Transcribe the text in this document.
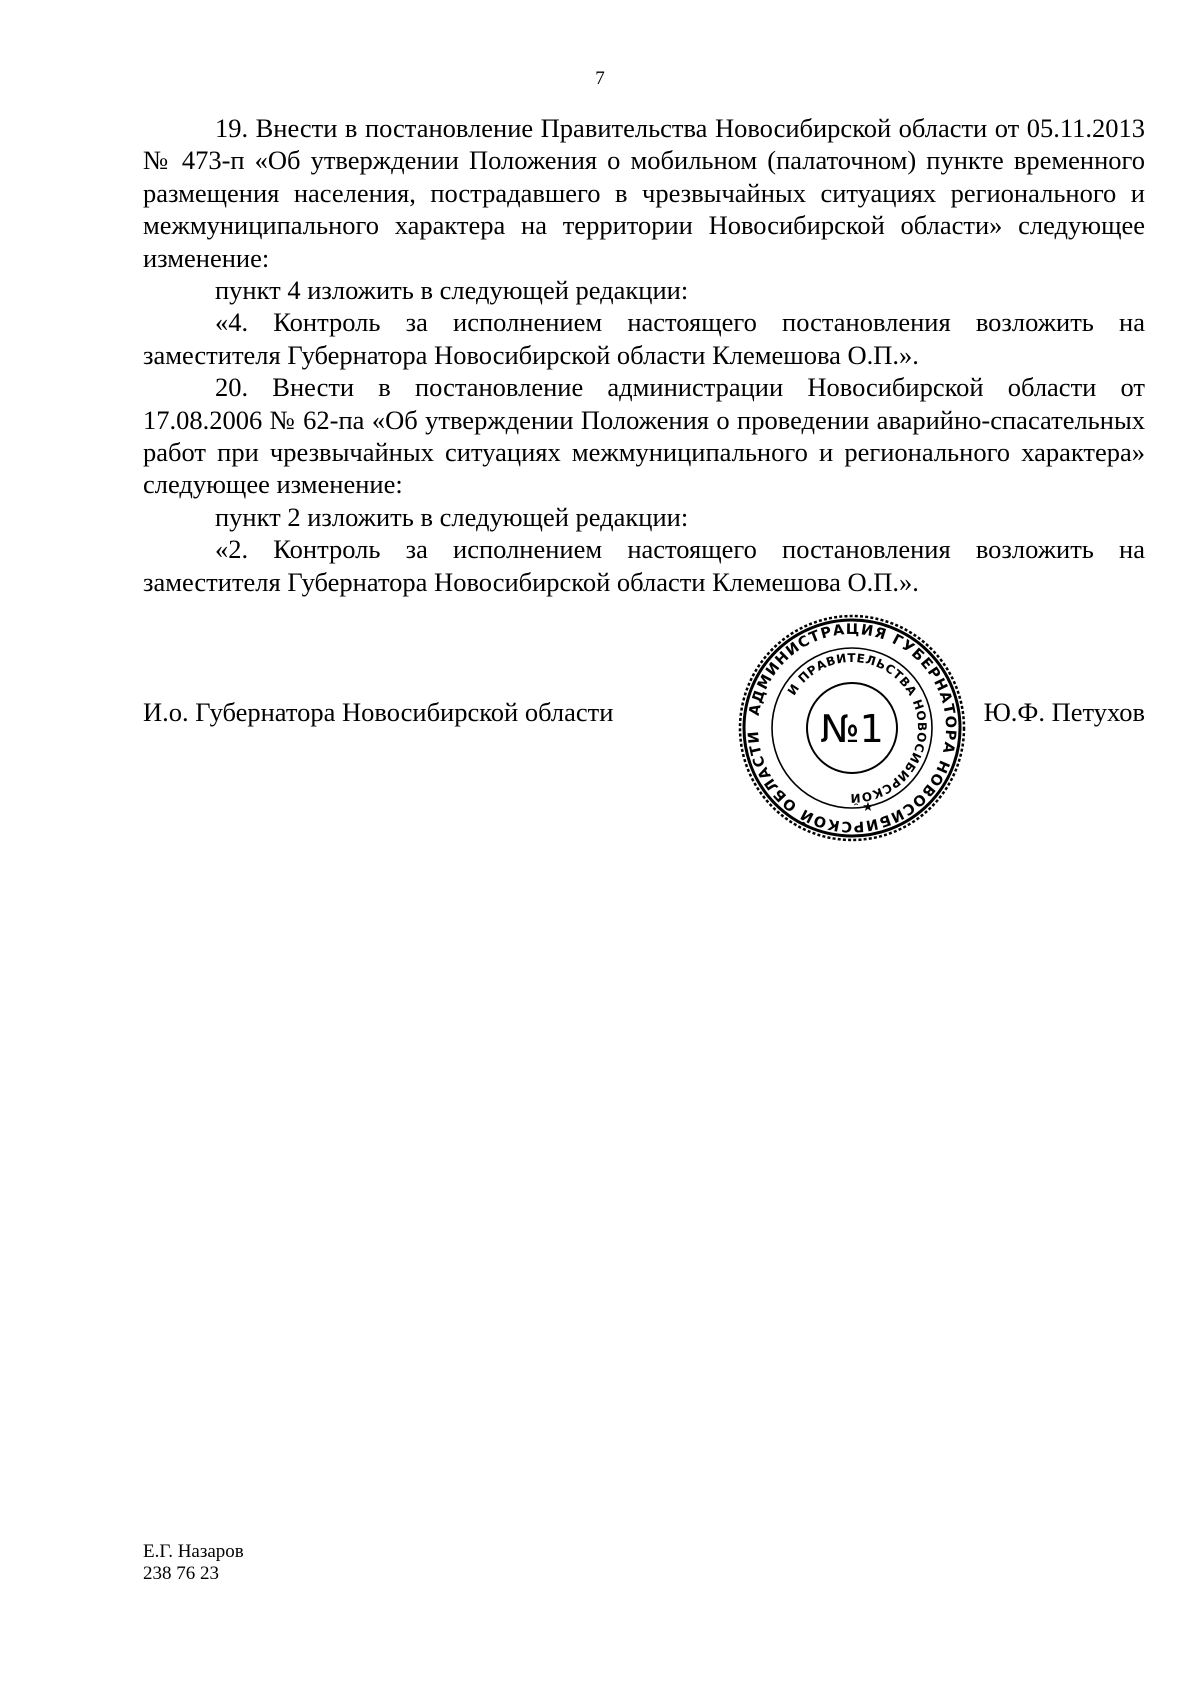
7

19. Внести в постановление Правительства Новосибирской области от 05.11.2013 № 473-п «Об утверждении Положения о мобильном (палаточном) пункте временного размещения населения, пострадавшего в чрезвычайных ситуациях регионального и межмуниципального характера на территории Новосибирской области» следующее изменение:

пункт 4 изложить в следующей редакции:

«4. Контроль за исполнением настоящего постановления возложить на заместителя Губернатора Новосибирской области Клемешова О.П.».

20. Внести в постановление администрации Новосибирской области от 17.08.2006 № 62-па «Об утверждении Положения о проведении аварийно-спасательных работ при чрезвычайных ситуациях межмуниципального и регионального характера» следующее изменение:

пункт 2 изложить в следующей редакции:

«2. Контроль за исполнением настоящего постановления возложить на заместителя Губернатора Новосибирской области Клемешова О.П.».

И.о. Губернатора Новосибирской области	Ю.Ф. Петухов
АДМИНИСТРАЦИЯ ГУБЕРНАТОРА НОВОСИБИРСКОЙ ОБЛАСТИ
И ПРАВИТЕЛЬСТВА НОВОСИБИРСКОЙ
№1
★
Е.Г. Назаров
238 76 23
